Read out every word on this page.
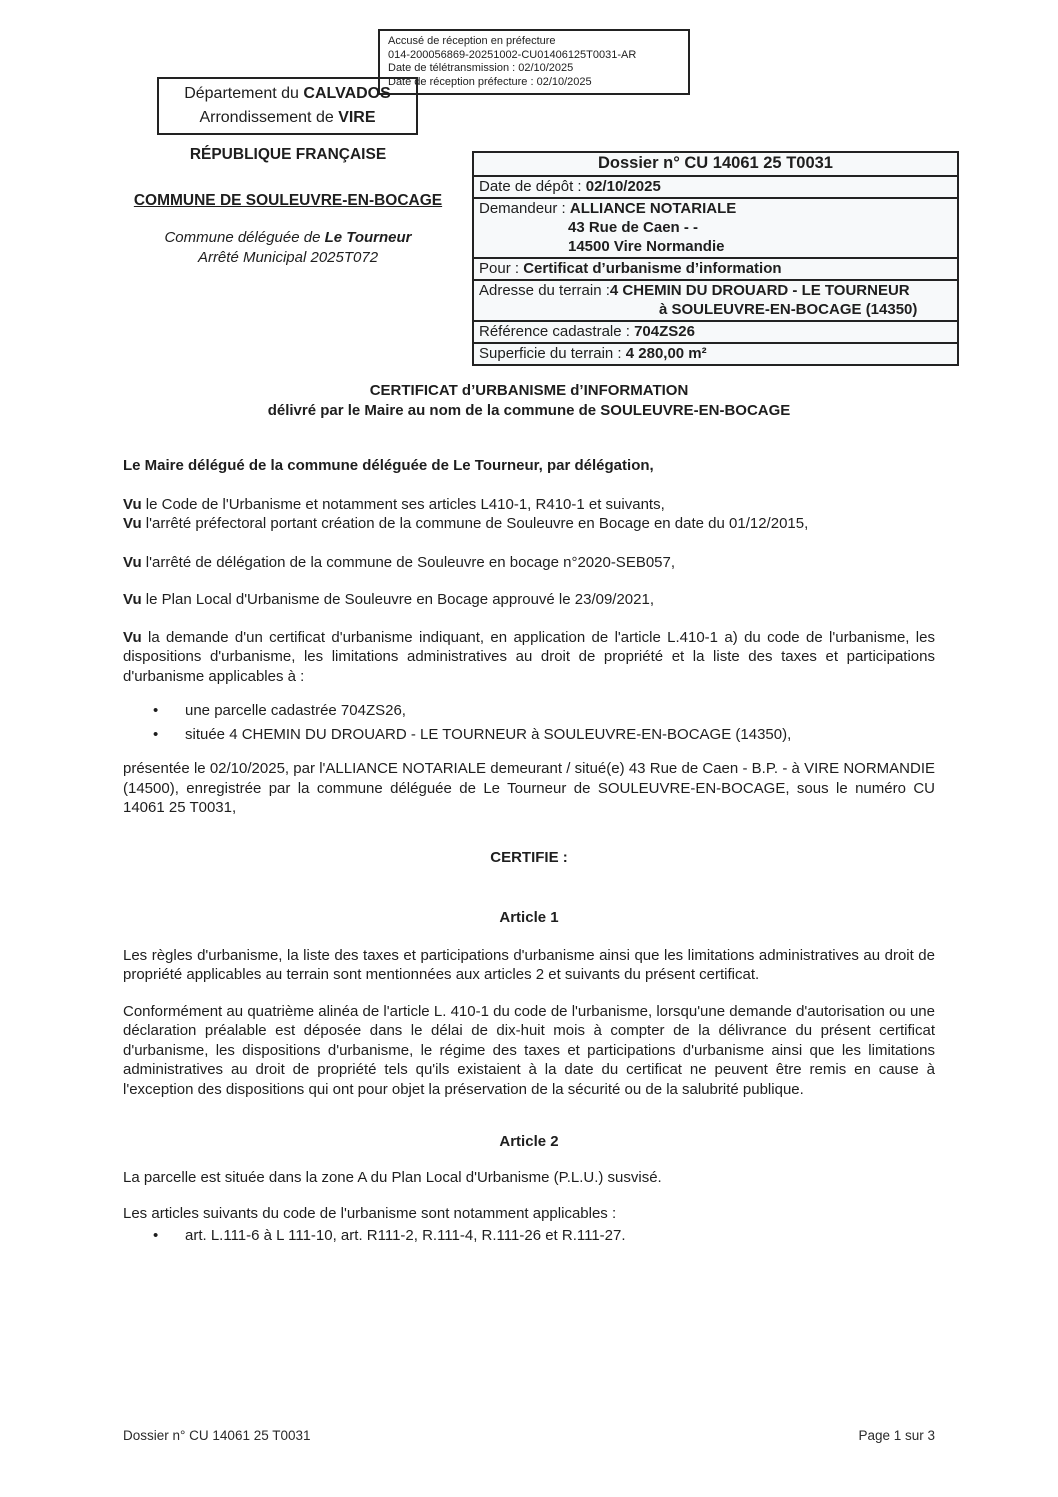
Accusé de réception en préfecture
014-200056869-20251002-CU01406125T0031-AR
Date de télétransmission : 02/10/2025
Date de réception préfecture : 02/10/2025
Département du CALVADOS
Arrondissement de VIRE
RÉPUBLIQUE FRANÇAISE
COMMUNE DE SOULEUVRE-EN-BOCAGE
Commune déléguée de Le Tourneur
Arrêté Municipal 2025T072
Dossier n° CU 14061 25 T0031
Date de dépôt : 02/10/2025
Demandeur : ALLIANCE NOTARIALE
43 Rue de Caen - -
14500 Vire Normandie
Pour : Certificat d’urbanisme d’information
Adresse du terrain :4 CHEMIN DU DROUARD - LE TOURNEUR
à SOULEUVRE-EN-BOCAGE (14350)
Référence cadastrale : 704ZS26
Superficie du terrain : 4 280,00 m²
CERTIFICAT d’URBANISME d’INFORMATION
délivré par le Maire au nom de la commune de SOULEUVRE-EN-BOCAGE

Le Maire délégué de la commune déléguée de Le Tourneur, par délégation,

Vu le Code de l'Urbanisme et notamment ses articles L410-1, R410-1 et suivants,

Vu l'arrêté préfectoral portant création de la commune de Souleuvre en Bocage en date du 01/12/2015,

Vu l'arrêté de délégation de la commune de Souleuvre en bocage n°2020-SEB057,

Vu le Plan Local d'Urbanisme de Souleuvre en Bocage approuvé le 23/09/2021,

Vu la demande d'un certificat d'urbanisme indiquant, en application de l'article L.410-1 a) du code de l'urbanisme, les dispositions d'urbanisme, les limitations administratives au droit de propriété et la liste des taxes et participations d'urbanisme applicables à :

• une parcelle cadastrée 704ZS26,
• située 4 CHEMIN DU DROUARD - LE TOURNEUR à SOULEUVRE-EN-BOCAGE (14350),

présentée le 02/10/2025, par l'ALLIANCE NOTARIALE demeurant / situé(e) 43 Rue de Caen - B.P. - à VIRE NORMANDIE (14500), enregistrée par la commune déléguée de Le Tourneur de SOULEUVRE-EN-BOCAGE, sous le numéro CU 14061 25 T0031,

CERTIFIE :

Article 1

Les règles d'urbanisme, la liste des taxes et participations d'urbanisme ainsi que les limitations administratives au droit de propriété applicables au terrain sont mentionnées aux articles 2 et suivants du présent certificat.

Conformément au quatrième alinéa de l'article L. 410-1 du code de l'urbanisme, lorsqu'une demande d'autorisation ou une déclaration préalable est déposée dans le délai de dix-huit mois à compter de la délivrance du présent certificat d'urbanisme, les dispositions d'urbanisme, le régime des taxes et participations d'urbanisme ainsi que les limitations administratives au droit de propriété tels qu'ils existaient à la date du certificat ne peuvent être remis en cause à l'exception des dispositions qui ont pour objet la préservation de la sécurité ou de la salubrité publique.

Article 2

La parcelle est située dans la zone A du Plan Local d'Urbanisme (P.L.U.) susvisé.

Les articles suivants du code de l'urbanisme sont notamment applicables :

• art. L.111-6 à L 111-10, art. R111-2, R.111-4, R.111-26 et R.111-27.
Dossier n° CU 14061 25 T0031	Page 1 sur 3
